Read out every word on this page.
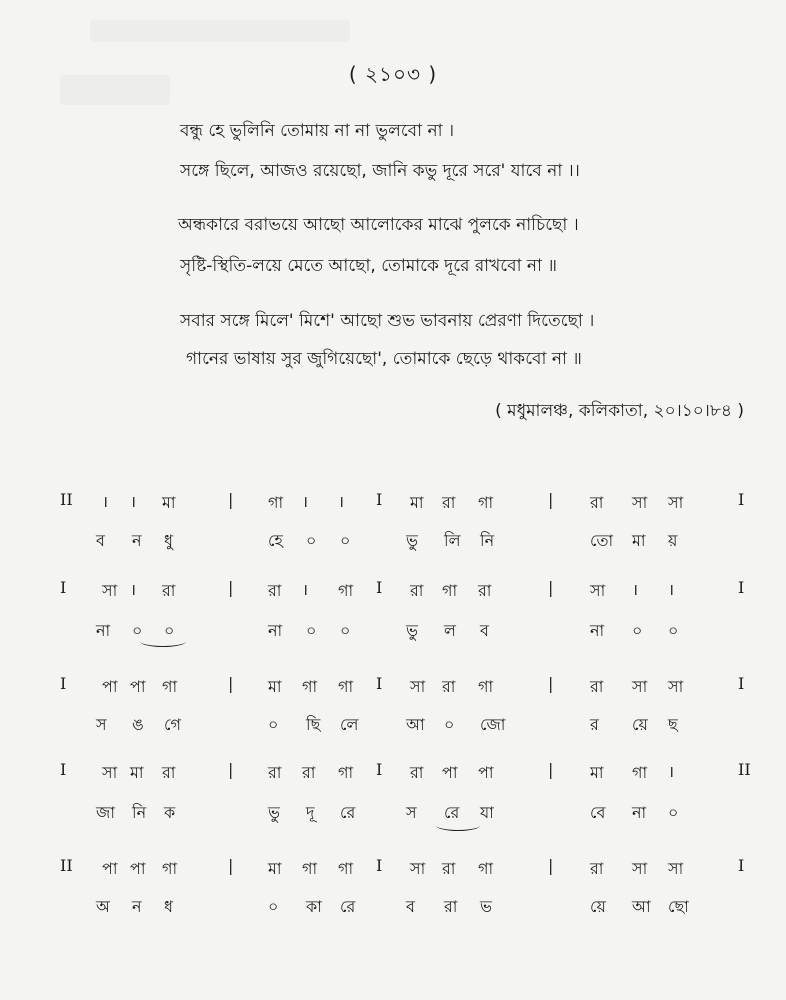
( ২১০৩ )
বন্ধু হে ভুলিনি তোমায় না না ভুলবো না ।
সঙ্গে ছিলে, আজও রয়েছো, জানি কভু দূরে সরে' যাবে না ।।
অন্ধকারে বরাভয়ে আছো আলোকের মাঝে পুলকে নাচিছো ।
সৃষ্টি-স্থিতি-লয়ে মেতে আছো, তোমাকে দূরে রাখবো না ॥
সবার সঙ্গে মিলে' মিশে' আছো শুভ ভাবনায় প্রেরণা দিতেছো ।
গানের ভাষায় সুর জুগিয়েছো', তোমাকে ছেড়ে থাকবো না ॥
( মধুমালঞ্চ, কলিকাতা, ২০।১০।৮৪ )
II । । মা	| গা । । I মা রা গা	| রা সা সা	I
ব ন ধু	হে ০ ০	ভু লি নি	তো মা য়
I সা । রা	| রা । গা I রা গা রা	| সা । ।	I
না ০ ০	না ০ ০	ভু ল ব	না ০ ০
I পা পা গা	| মা গা গা I সা রা গা	| রা সা সা	I
স ঙ গে	০ ছি লে	আ ০ জো	র য়ে ছ
I সা মা রা	| রা রা গা I রা পা পা	| মা গা ।	II
জা নি ক	ভু দূ রে	স রে যা	বে না ০
II পা পা গা	| মা গা গা I সা রা গা	| রা সা সা	I
অ ন ধ	০ কা রে	ব রা ভ	য়ে আ ছো
